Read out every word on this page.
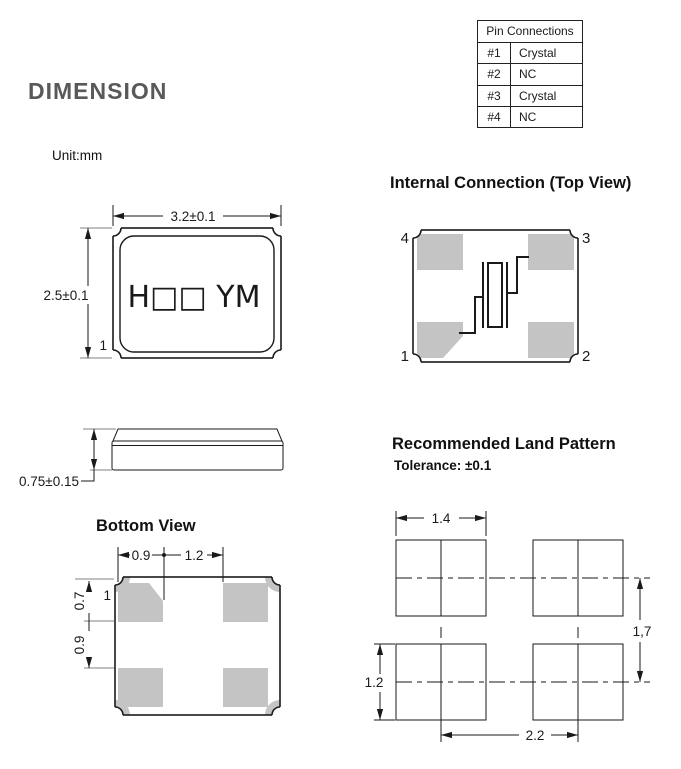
DIMENSION
Unit:mm
Internal Connection (Top View)
Bottom View
Recommended Land Pattern
Tolerance: ±0.1
Pin Connections
#1	Crystal
#2	NC
#3	Crystal
#4	NC
H□□ YM
1
3.2±0.1
2.5±0.1
0.75±0.15
4	3
1	2
1
0.9	1.2
0.7
0.9
1.4
1,7
1.2
2.2
